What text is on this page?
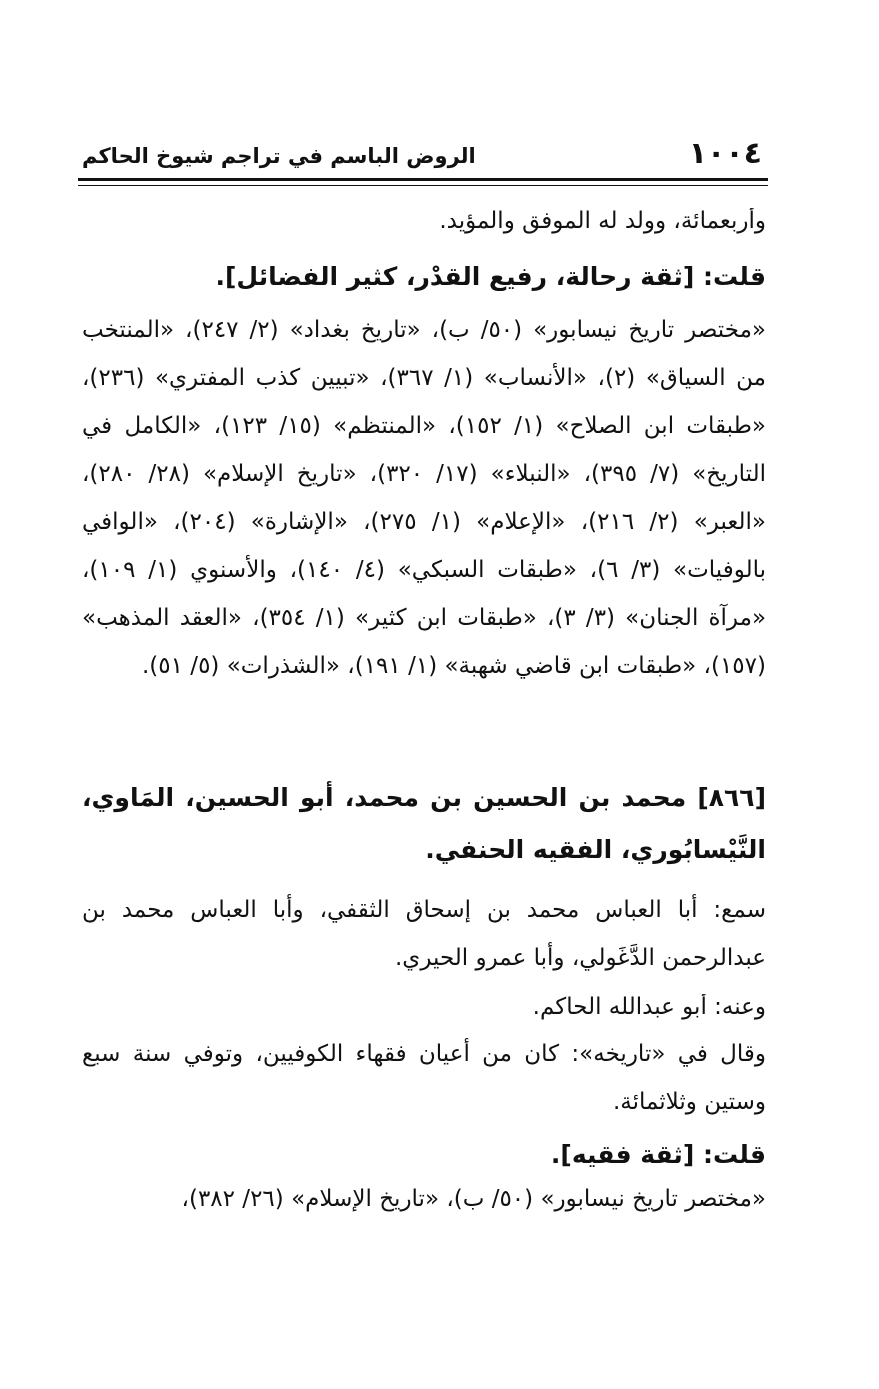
١٠٠٤
الروض الباسم في تراجم شيوخ الحاكم
وأربعمائة، وولد له الموفق والمؤيد.
قلت: [ثقة رحالة، رفيع القدْر، كثير الفضائل].
«مختصر تاريخ نيسابور» (٥٠/ ب)، «تاريخ بغداد» (٢/ ٢٤٧)، «المنتخب من السياق» (٢)، «الأنساب» (١/ ٣٦٧)، «تبيين كذب المفتري» (٢٣٦)، «طبقات ابن الصلاح» (١/ ١٥٢)، «المنتظم» (١٥/ ١٢٣)، «الكامل في التاريخ» (٧/ ٣٩٥)، «النبلاء» (١٧/ ٣٢٠)، «تاريخ الإسلام» (٢٨/ ٢٨٠)، «العبر» (٢/ ٢١٦)، «الإعلام» (١/ ٢٧٥)، «الإشارة» (٢٠٤)، «الوافي بالوفيات» (٣/ ٦)، «طبقات السبكي» (٤/ ١٤٠)، والأسنوي (١/ ١٠٩)، «مرآة الجنان» (٣/ ٣)، «طبقات ابن كثير» (١/ ٣٥٤)، «العقد المذهب» (١٥٧)، «طبقات ابن قاضي شهبة» (١/ ١٩١)، «الشذرات» (٥/ ٥١).
[٨٦٦] محمد بن الحسين بن محمد، أبو الحسين، المَاوي، النَّيْسابُوري، الفقيه الحنفي.
سمع: أبا العباس محمد بن إسحاق الثقفي، وأبا العباس محمد بن عبدالرحمن الدَّغَولي، وأبا عمرو الحيري.
وعنه: أبو عبدالله الحاكم.
وقال في «تاريخه»: كان من أعيان فقهاء الكوفيين، وتوفي سنة سبع وستين وثلاثمائة.
قلت: [ثقة فقيه].
«مختصر تاريخ نيسابور» (٥٠/ ب)، «تاريخ الإسلام» (٢٦/ ٣٨٢)،
